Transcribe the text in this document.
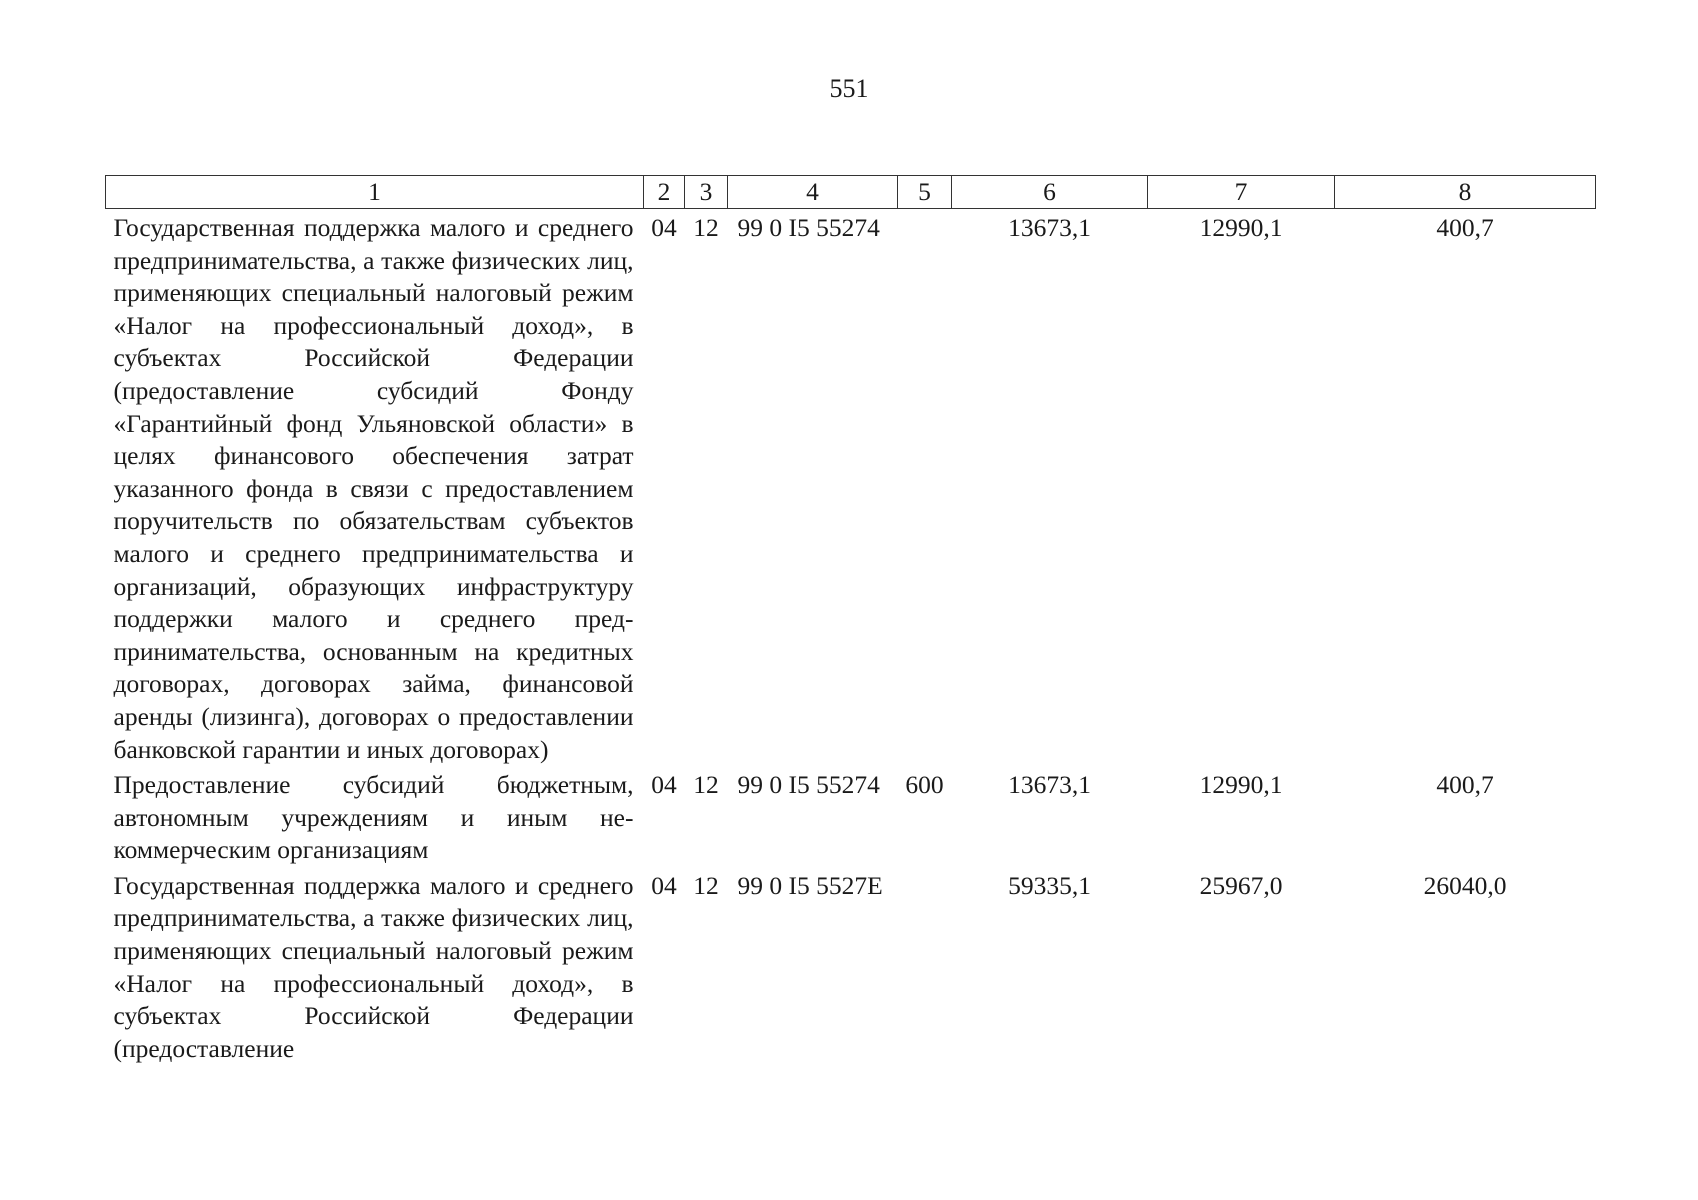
551
1	2	3	4	5	6	7	8
Государственная поддержка малого и среднего предпринимательства, а также физических лиц, применяющих специальный налоговый режим «Налог на профессиональный доход», в субъектах Российской Федерации (предоставление субсидий Фонду «Гарантийный фонд Ульяновской области» в целях финансового обеспечения затрат указанного фонда в связи с предоставлением поручительств по обязательствам субъектов малого и среднего предпринимательства и организаций, образующих инфраструктуру поддержки малого и среднего предпринимательства, основанным на кредитных договорах, договорах займа, финансовой аренды (лизинга), договорах о предоставлении банковской гарантии и иных договорах)	04	12	99 0 I5 55274		13673,1	12990,1	400,7
Предоставление субсидий бюджетным, автономным учреждениям и иным некоммерческим организациям	04	12	99 0 I5 55274	600	13673,1	12990,1	400,7
Государственная поддержка малого и среднего предпринимательства, а также физических лиц, применяющих специальный налоговый режим «Налог на профессиональный доход», в субъектах Российской Федерации (предоставление	04	12	99 0 I5 5527E		59335,1	25967,0	26040,0
